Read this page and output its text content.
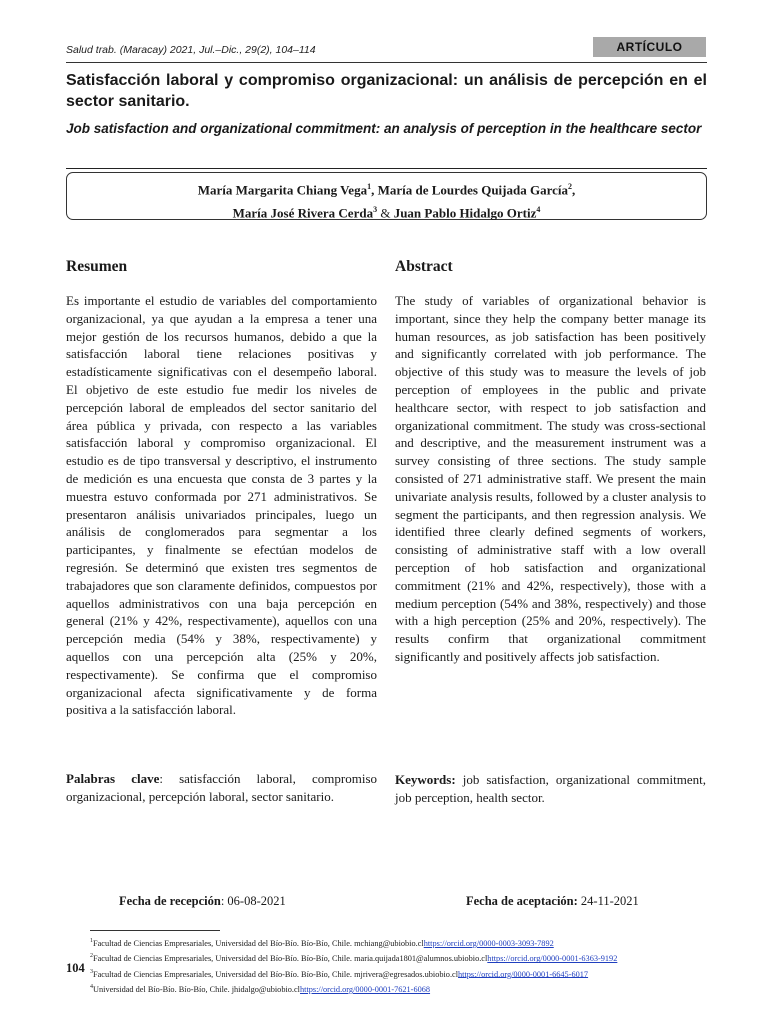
Salud trab. (Maracay) 2021, Jul.–Dic., 29(2), 104–114	ARTÍCULO
Satisfacción laboral y compromiso organizacional: un análisis de percepción en el sector sanitario.
Job satisfaction and organizational commitment: an analysis of perception in the healthcare sector
María Margarita Chiang Vega$^1$, María de Lourdes Quijada García$^2$,
María José Rivera Cerda$^3$ & Juan Pablo Hidalgo Ortiz$^4$
Resumen	Abstract

Es importante el estudio de variables del comportamiento organizacional, ya que ayudan a la empresa a tener una mejor gestión de los recursos humanos, debido a que la satisfacción laboral tiene relaciones positivas y estadísticamente significativas con el desempeño laboral. El objetivo de este estudio fue medir los niveles de percepción laboral de empleados del sector sanitario del área pública y privada, con respecto a las variables satisfacción laboral y compromiso organizacional. El estudio es de tipo transversal y descriptivo, el instrumento de medición es una encuesta que consta de 3 partes y la muestra estuvo conformada por 271 administrativos. Se presentaron análisis univariados principales, luego un análisis de conglomerados para segmentar a los participantes, y finalmente se efectúan modelos de regresión. Se determinó que existen tres segmentos de trabajadores que son claramente definidos, compuestos por aquellos administrativos con una baja percepción en general (21% y 42%, respectivamente), aquellos con una percepción media (54% y 38%, respectivamente) y aquellos con una percepción alta (25% y 20%, respectivamente). Se confirma que el compromiso organizacional afecta significativamente y de forma positiva a la satisfacción laboral.

The study of variables of organizational behavior is important, since they help the company better manage its human resources, as job satisfaction has been positively and significantly correlated with job performance. The objective of this study was to measure the levels of job perception of employees in the public and private healthcare sector, with respect to job satisfaction and organizational commitment. The study was cross-sectional and descriptive, and the measurement instrument was a survey consisting of three sections. The study sample consisted of 271 administrative staff. We present the main univariate analysis results, followed by a cluster analysis to segment the participants, and then regression analysis. We identified three clearly defined segments of workers, consisting of administrative staff with a low overall perception of hob satisfaction and organizational commitment (21% and 42%, respectively), those with a medium perception (54% and 38%, respectively) and those with a high perception (25% and 20%, respectively). The results confirm that organizational commitment significantly and positively affects job satisfaction.

Palabras clave: satisfacción laboral, compromiso organizacional, percepción laboral, sector sanitario.

Keywords: job satisfaction, organizational commitment, job perception, health sector.

Fecha de recepción: 06-08-2021	Fecha de aceptación: 24-11-2021
104
$^1$Facultad de Ciencias Empresariales, Universidad del Bío-Bío. Bío-Bío, Chile. mchiang@ubiobio.clhttps://orcid.org/0000-0003-3093-7892
$^2$Facultad de Ciencias Empresariales, Universidad del Bío-Bío. Bío-Bío, Chile. maria.quijada1801@alumnos.ubiobio.clhttps://orcid.org/0000-0001-6363-9192
$^3$Facultad de Ciencias Empresariales, Universidad del Bío-Bío. Bío-Bío, Chile. mjrivera@egresados.ubiobio.clhttps://orcid.org/0000-0001-6645-6017
$^4$Universidad del Bío-Bío. Bío-Bío, Chile. jhidalgo@ubiobio.clhttps://orcid.org/0000-0001-7621-6068
